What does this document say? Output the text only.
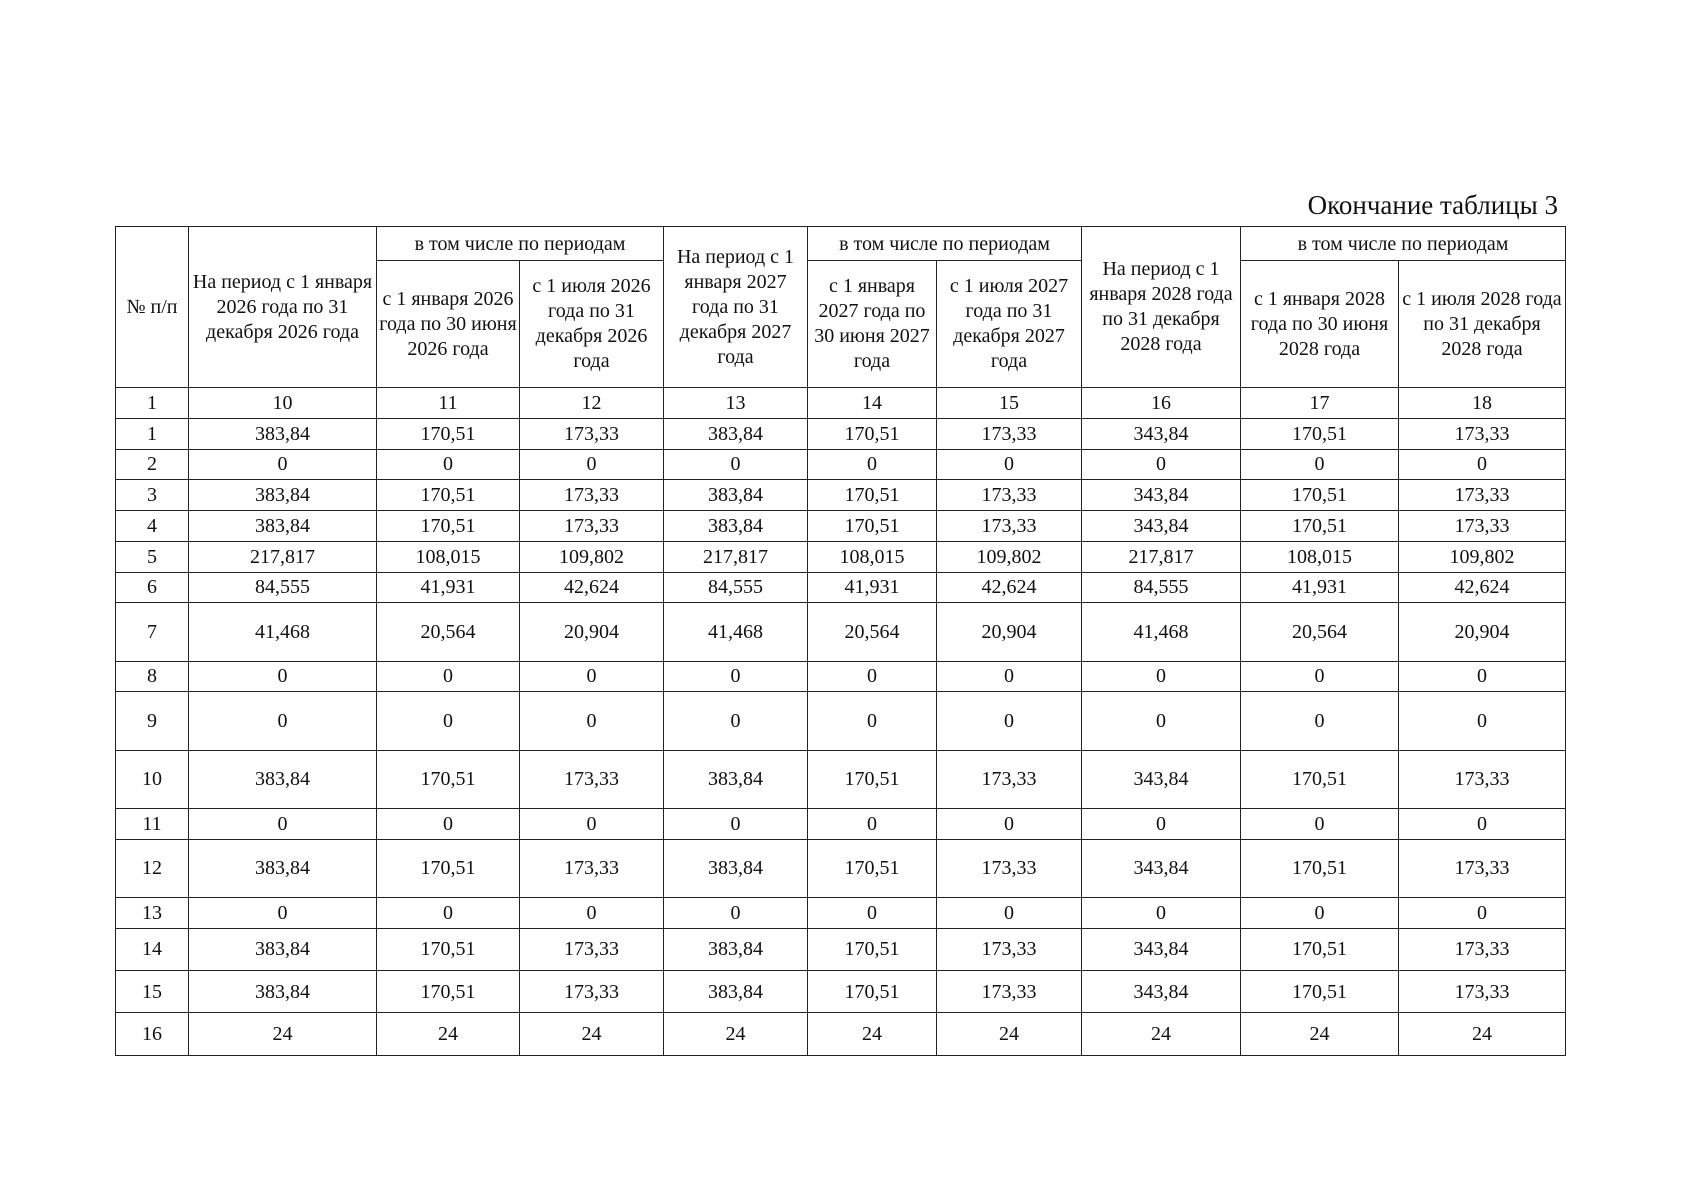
Окончание таблицы 3
№ п/п	На период с 1 января 2026 года по 31 декабря 2026 года	в том числе по периодам		На период с 1 января 2027 года по 31 декабря 2027 года	в том числе по периодам		На период с 1 января 2028 года по 31 декабря 2028 года	в том числе по периодам	
		с 1 января 2026 года по 30 июня 2026 года	с 1 июля 2026 года по 31 декабря 2026 года		с 1 января 2027 года по 30 июня 2027 года	с 1 июля 2027 года по 31 декабря 2027 года		с 1 января 2028 года по 30 июня 2028 года	с 1 июля 2028 года по 31 декабря 2028 года
1	10	11	12	13	14	15	16	17	18
1	383,84	170,51	173,33	383,84	170,51	173,33	343,84	170,51	173,33
2	0	0	0	0	0	0	0	0	0
3	383,84	170,51	173,33	383,84	170,51	173,33	343,84	170,51	173,33
4	383,84	170,51	173,33	383,84	170,51	173,33	343,84	170,51	173,33
5	217,817	108,015	109,802	217,817	108,015	109,802	217,817	108,015	109,802
6	84,555	41,931	42,624	84,555	41,931	42,624	84,555	41,931	42,624
7	41,468	20,564	20,904	41,468	20,564	20,904	41,468	20,564	20,904
8	0	0	0	0	0	0	0	0	0
9	0	0	0	0	0	0	0	0	0
10	383,84	170,51	173,33	383,84	170,51	173,33	343,84	170,51	173,33
11	0	0	0	0	0	0	0	0	0
12	383,84	170,51	173,33	383,84	170,51	173,33	343,84	170,51	173,33
13	0	0	0	0	0	0	0	0	0
14	383,84	170,51	173,33	383,84	170,51	173,33	343,84	170,51	173,33
15	383,84	170,51	173,33	383,84	170,51	173,33	343,84	170,51	173,33
16	24	24	24	24	24	24	24	24	24
